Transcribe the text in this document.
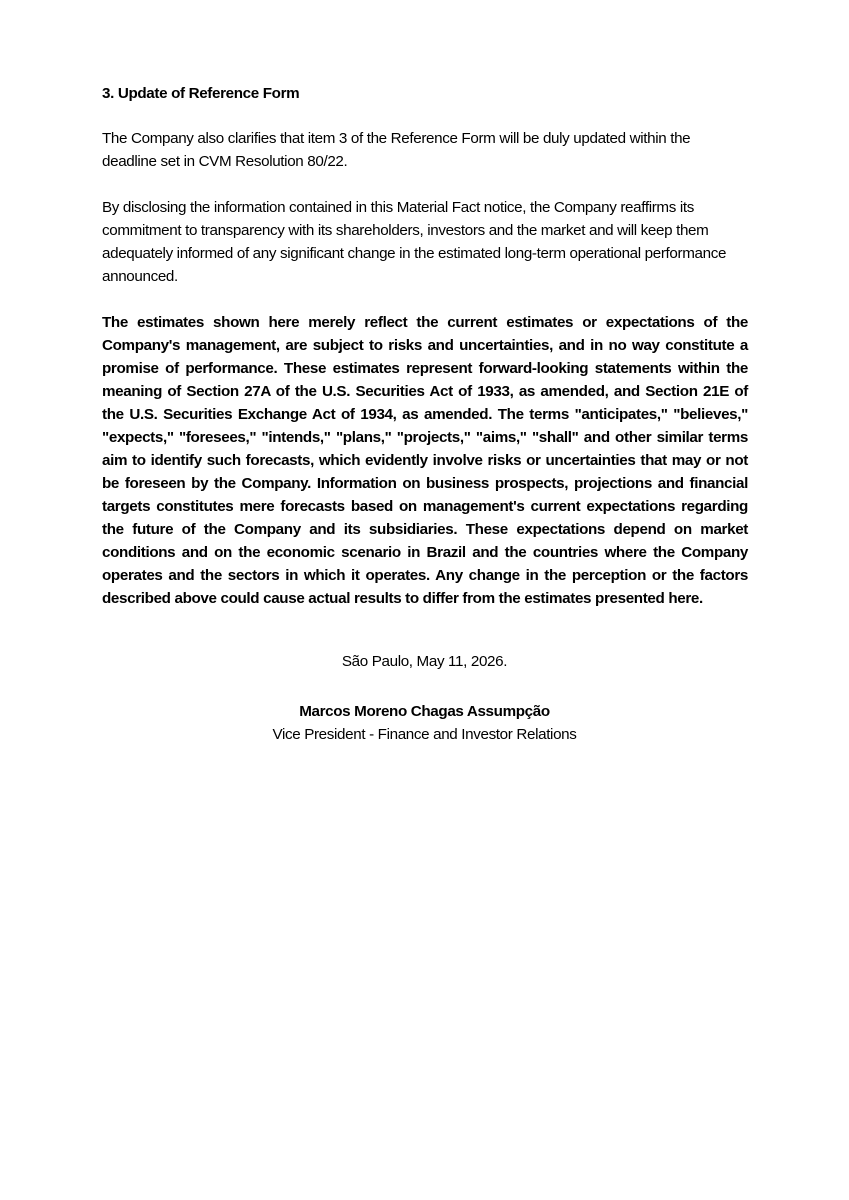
3. Update of Reference Form

The Company also clarifies that item 3 of the Reference Form will be duly updated within the deadline set in CVM Resolution 80/22.

By disclosing the information contained in this Material Fact notice, the Company reaffirms its commitment to transparency with its shareholders, investors and the market and will keep them adequately informed of any significant change in the estimated long-term operational performance announced.

The estimates shown here merely reflect the current estimates or expectations of the Company's management, are subject to risks and uncertainties, and in no way constitute a promise of performance. These estimates represent forward-looking statements within the meaning of Section 27A of the U.S. Securities Act of 1933, as amended, and Section 21E of the U.S. Securities Exchange Act of 1934, as amended. The terms "anticipates," "believes," "expects," "foresees," "intends," "plans," "projects," "aims," "shall" and other similar terms aim to identify such forecasts, which evidently involve risks or uncertainties that may or not be foreseen by the Company. Information on business prospects, projections and financial targets constitutes mere forecasts based on management's current expectations regarding the future of the Company and its subsidiaries. These expectations depend on market conditions and on the economic scenario in Brazil and the countries where the Company operates and the sectors in which it operates. Any change in the perception or the factors described above could cause actual results to differ from the estimates presented here.

São Paulo, May 11, 2026.

Marcos Moreno Chagas Assumpção

Vice President - Finance and Investor Relations
